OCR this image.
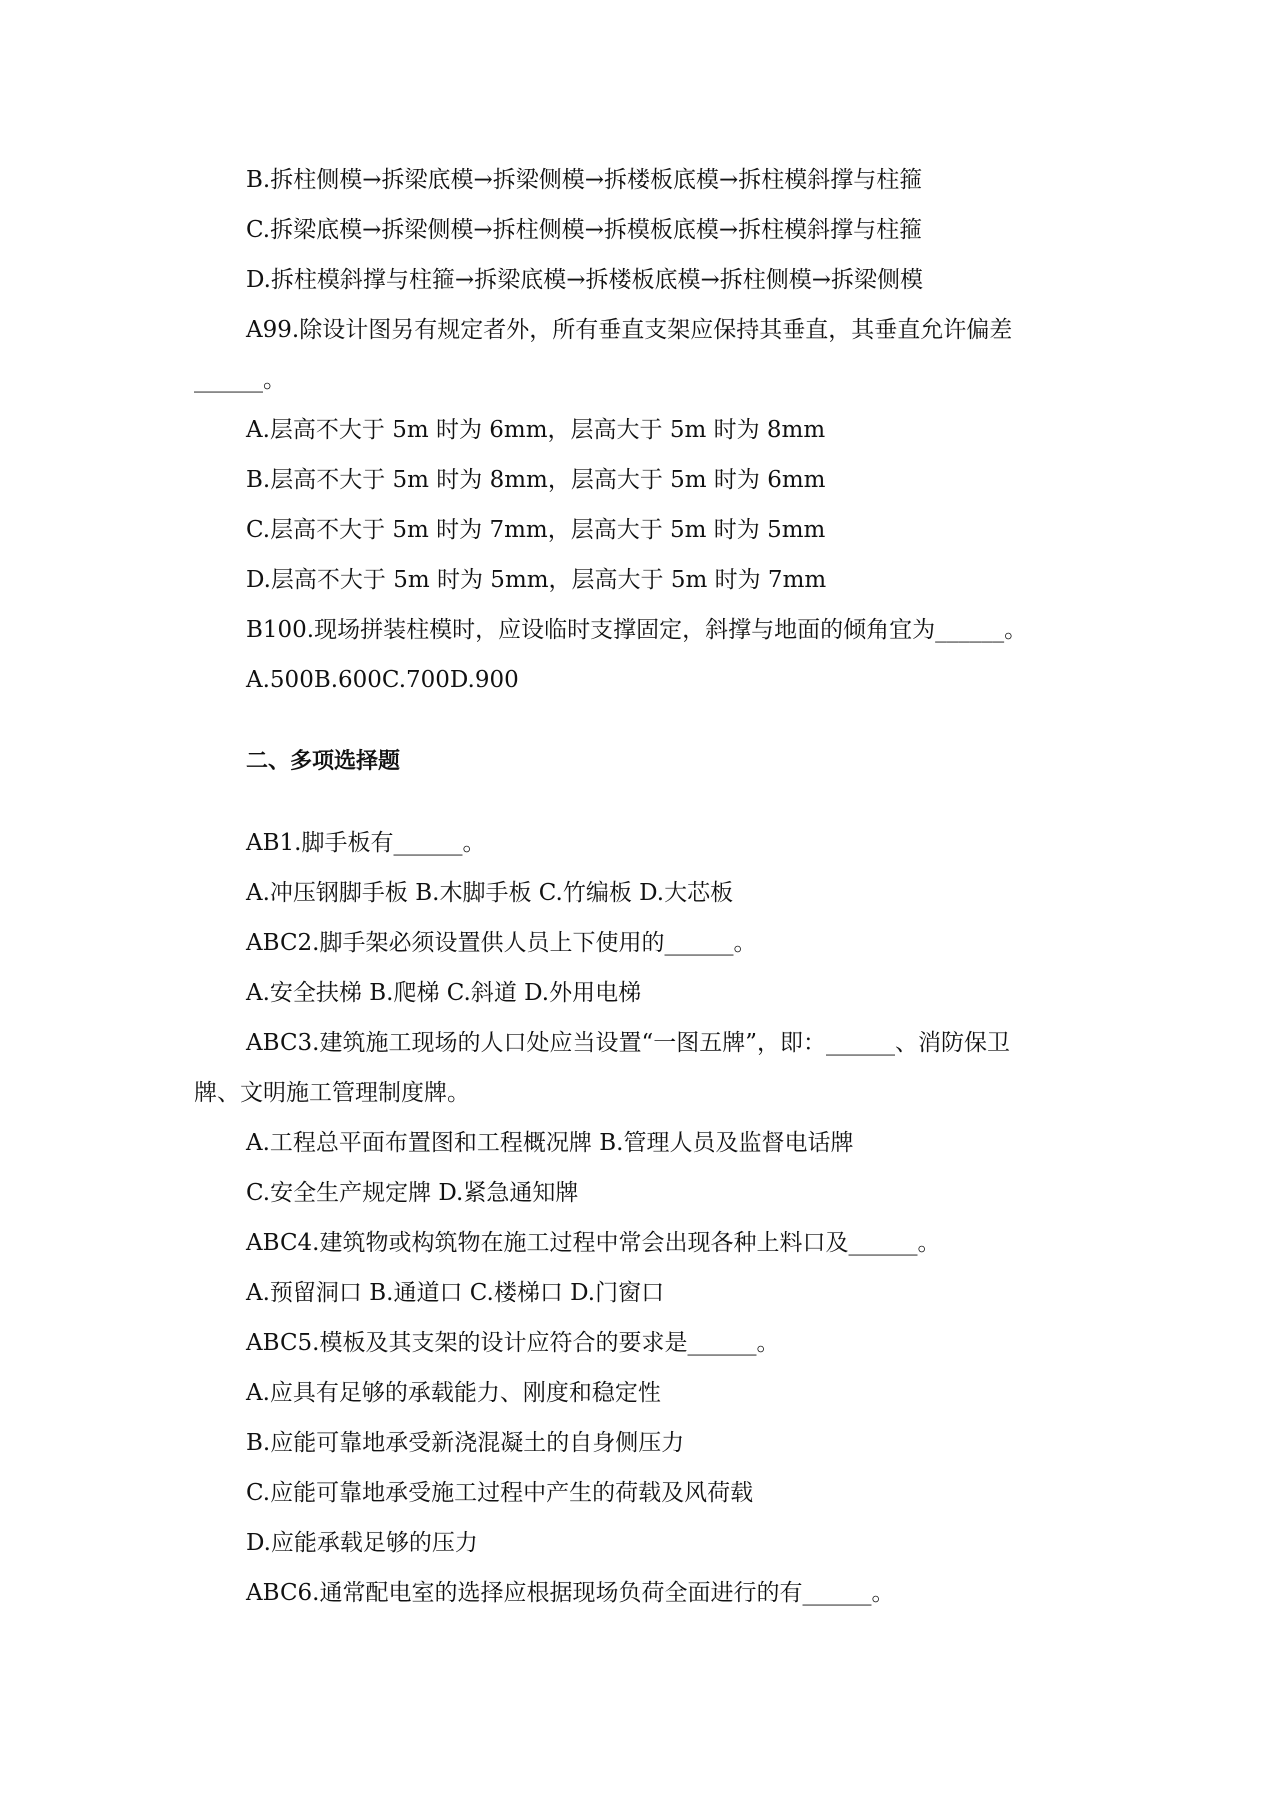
B.拆柱侧模→拆梁底模→拆梁侧模→拆楼板底模→拆柱模斜撑与柱箍
C.拆梁底模→拆梁侧模→拆柱侧模→拆模板底模→拆柱模斜撑与柱箍
D.拆柱模斜撑与柱箍→拆梁底模→拆楼板底模→拆柱侧模→拆梁侧模
A99.除设计图另有规定者外，所有垂直支架应保持其垂直，其垂直允许偏差
______。
A.层高不大于 5m 时为 6mm，层高大于 5m 时为 8mm
B.层高不大于 5m 时为 8mm，层高大于 5m 时为 6mm
C.层高不大于 5m 时为 7mm，层高大于 5m 时为 5mm
D.层高不大于 5m 时为 5mm，层高大于 5m 时为 7mm
B100.现场拼装柱模时，应设临时支撑固定，斜撑与地面的倾角宜为______。
A.500B.600C.700D.900
二、多项选择题
AB1.脚手板有______。
A.冲压钢脚手板 B.木脚手板 C.竹编板 D.大芯板
ABC2.脚手架必须设置供人员上下使用的______。
A.安全扶梯 B.爬梯 C.斜道 D.外用电梯
ABC3.建筑施工现场的人口处应当设置“一图五牌”，即：______、消防保卫
牌、文明施工管理制度牌。
A.工程总平面布置图和工程概况牌 B.管理人员及监督电话牌
C.安全生产规定牌 D.紧急通知牌
ABC4.建筑物或构筑物在施工过程中常会出现各种上料口及______。
A.预留洞口 B.通道口 C.楼梯口 D.门窗口
ABC5.模板及其支架的设计应符合的要求是______。
A.应具有足够的承载能力、刚度和稳定性
B.应能可靠地承受新浇混凝土的自身侧压力
C.应能可靠地承受施工过程中产生的荷载及风荷载
D.应能承载足够的压力
ABC6.通常配电室的选择应根据现场负荷全面进行的有______。
